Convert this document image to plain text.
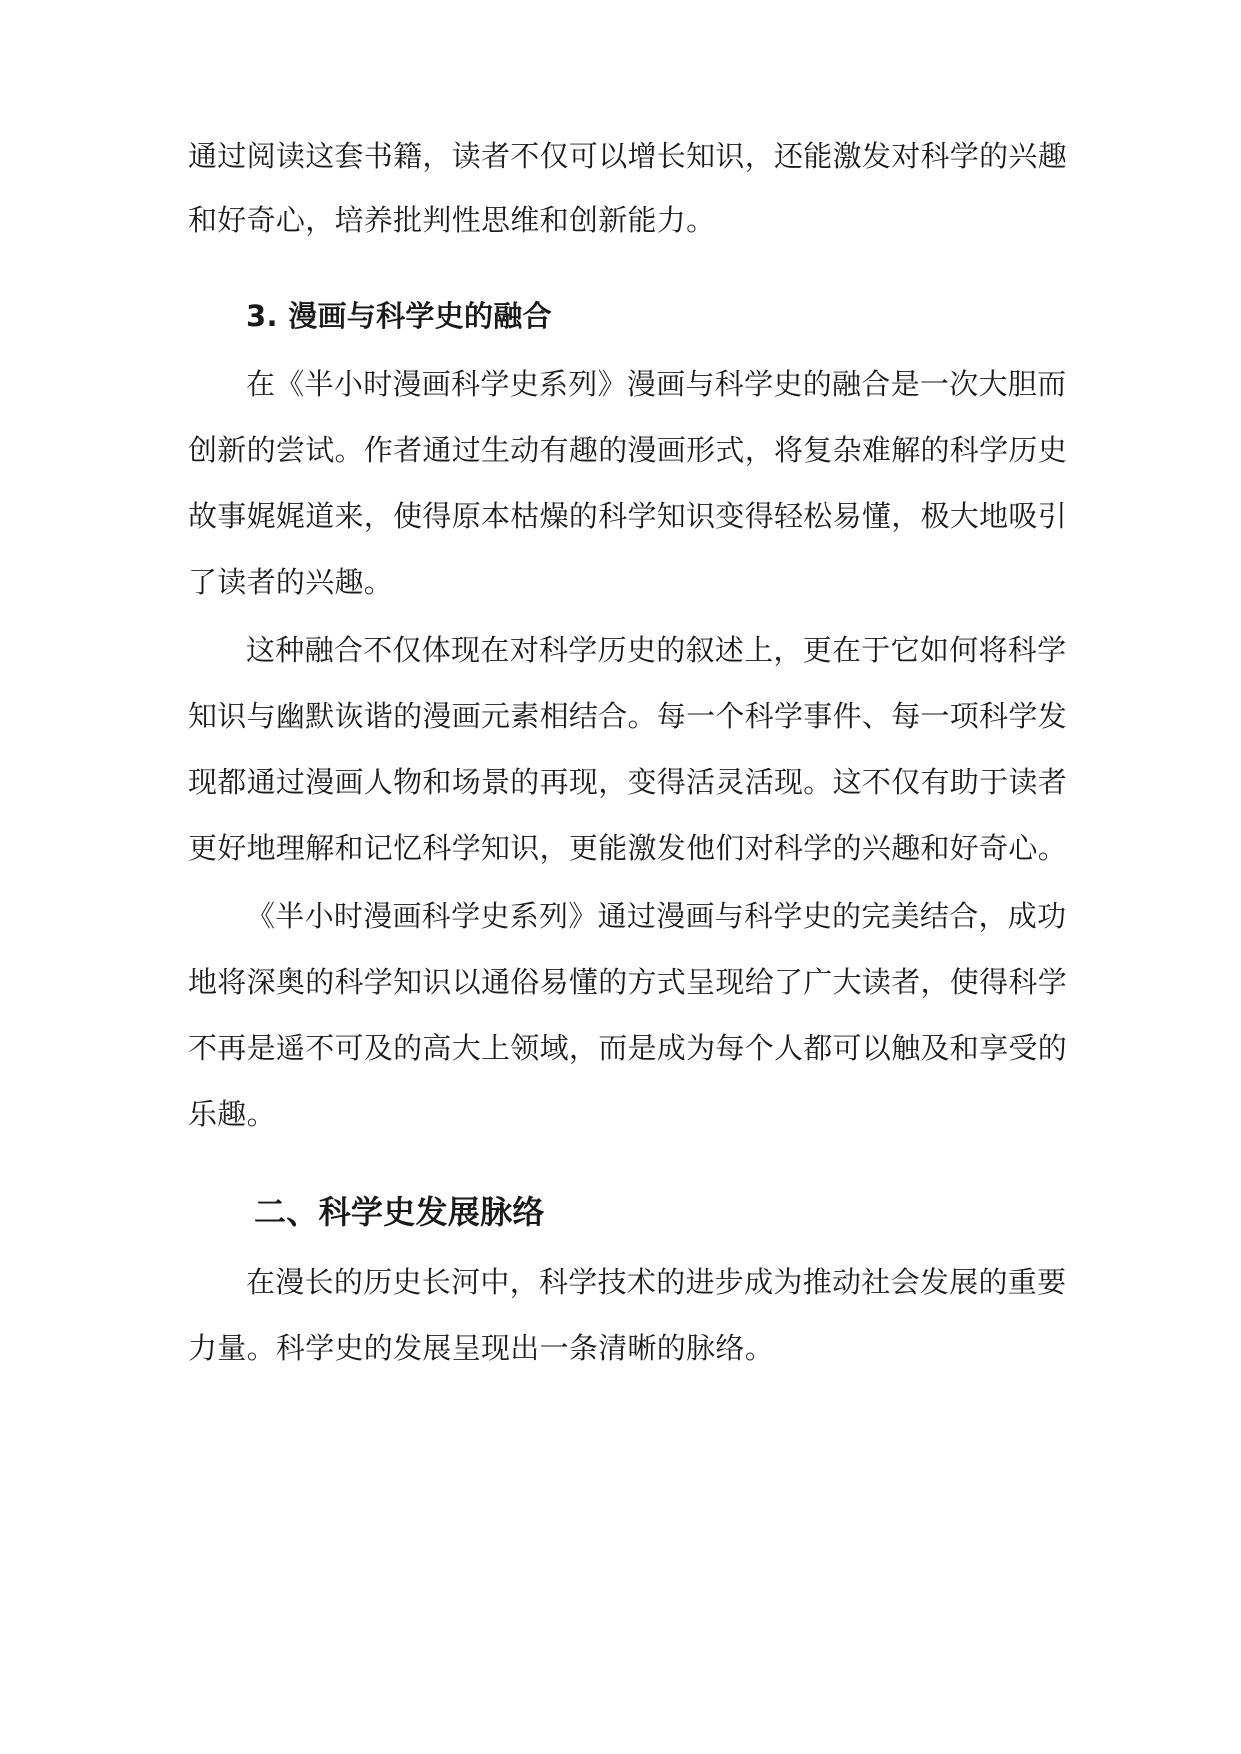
通过阅读这套书籍，读者不仅可以增长知识，还能激发对科学的兴趣
和好奇心，培养批判性思维和创新能力。
3. 漫画与科学史的融合
在《半小时漫画科学史系列》漫画与科学史的融合是一次大胆而
创新的尝试。作者通过生动有趣的漫画形式，将复杂难解的科学历史
故事娓娓道来，使得原本枯燥的科学知识变得轻松易懂，极大地吸引
了读者的兴趣。
这种融合不仅体现在对科学历史的叙述上，更在于它如何将科学
知识与幽默诙谐的漫画元素相结合。每一个科学事件、每一项科学发
现都通过漫画人物和场景的再现，变得活灵活现。这不仅有助于读者
更好地理解和记忆科学知识，更能激发他们对科学的兴趣和好奇心。
《半小时漫画科学史系列》通过漫画与科学史的完美结合，成功
地将深奥的科学知识以通俗易懂的方式呈现给了广大读者，使得科学
不再是遥不可及的高大上领域，而是成为每个人都可以触及和享受的
乐趣。
二、科学史发展脉络
在漫长的历史长河中，科学技术的进步成为推动社会发展的重要
力量。科学史的发展呈现出一条清晰的脉络。
